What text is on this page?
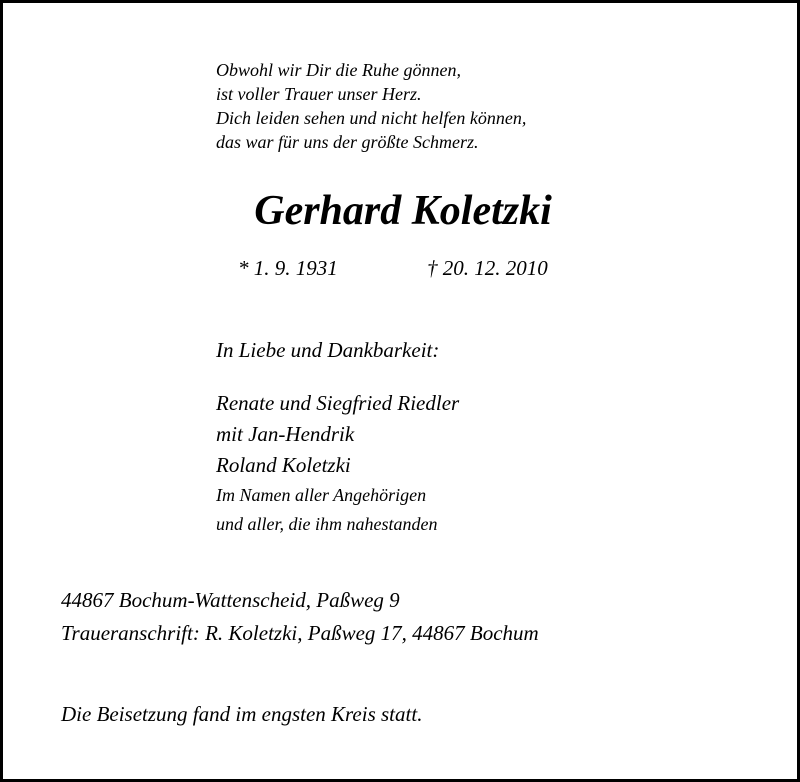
Obwohl wir Dir die Ruhe gönnen,
ist voller Trauer unser Herz.
Dich leiden sehen und nicht helfen können,
das war für uns der größte Schmerz.
Gerhard Koletzki
* 1. 9. 1931	† 20. 12. 2010
In Liebe und Dankbarkeit:
Renate und Siegfried Riedler
mit Jan-Hendrik
Roland Koletzki
Im Namen aller Angehörigen
und aller, die ihm nahestanden
44867 Bochum-Wattenscheid, Paßweg 9
Traueranschrift: R. Koletzki, Paßweg 17, 44867 Bochum
Die Beisetzung fand im engsten Kreis statt.
